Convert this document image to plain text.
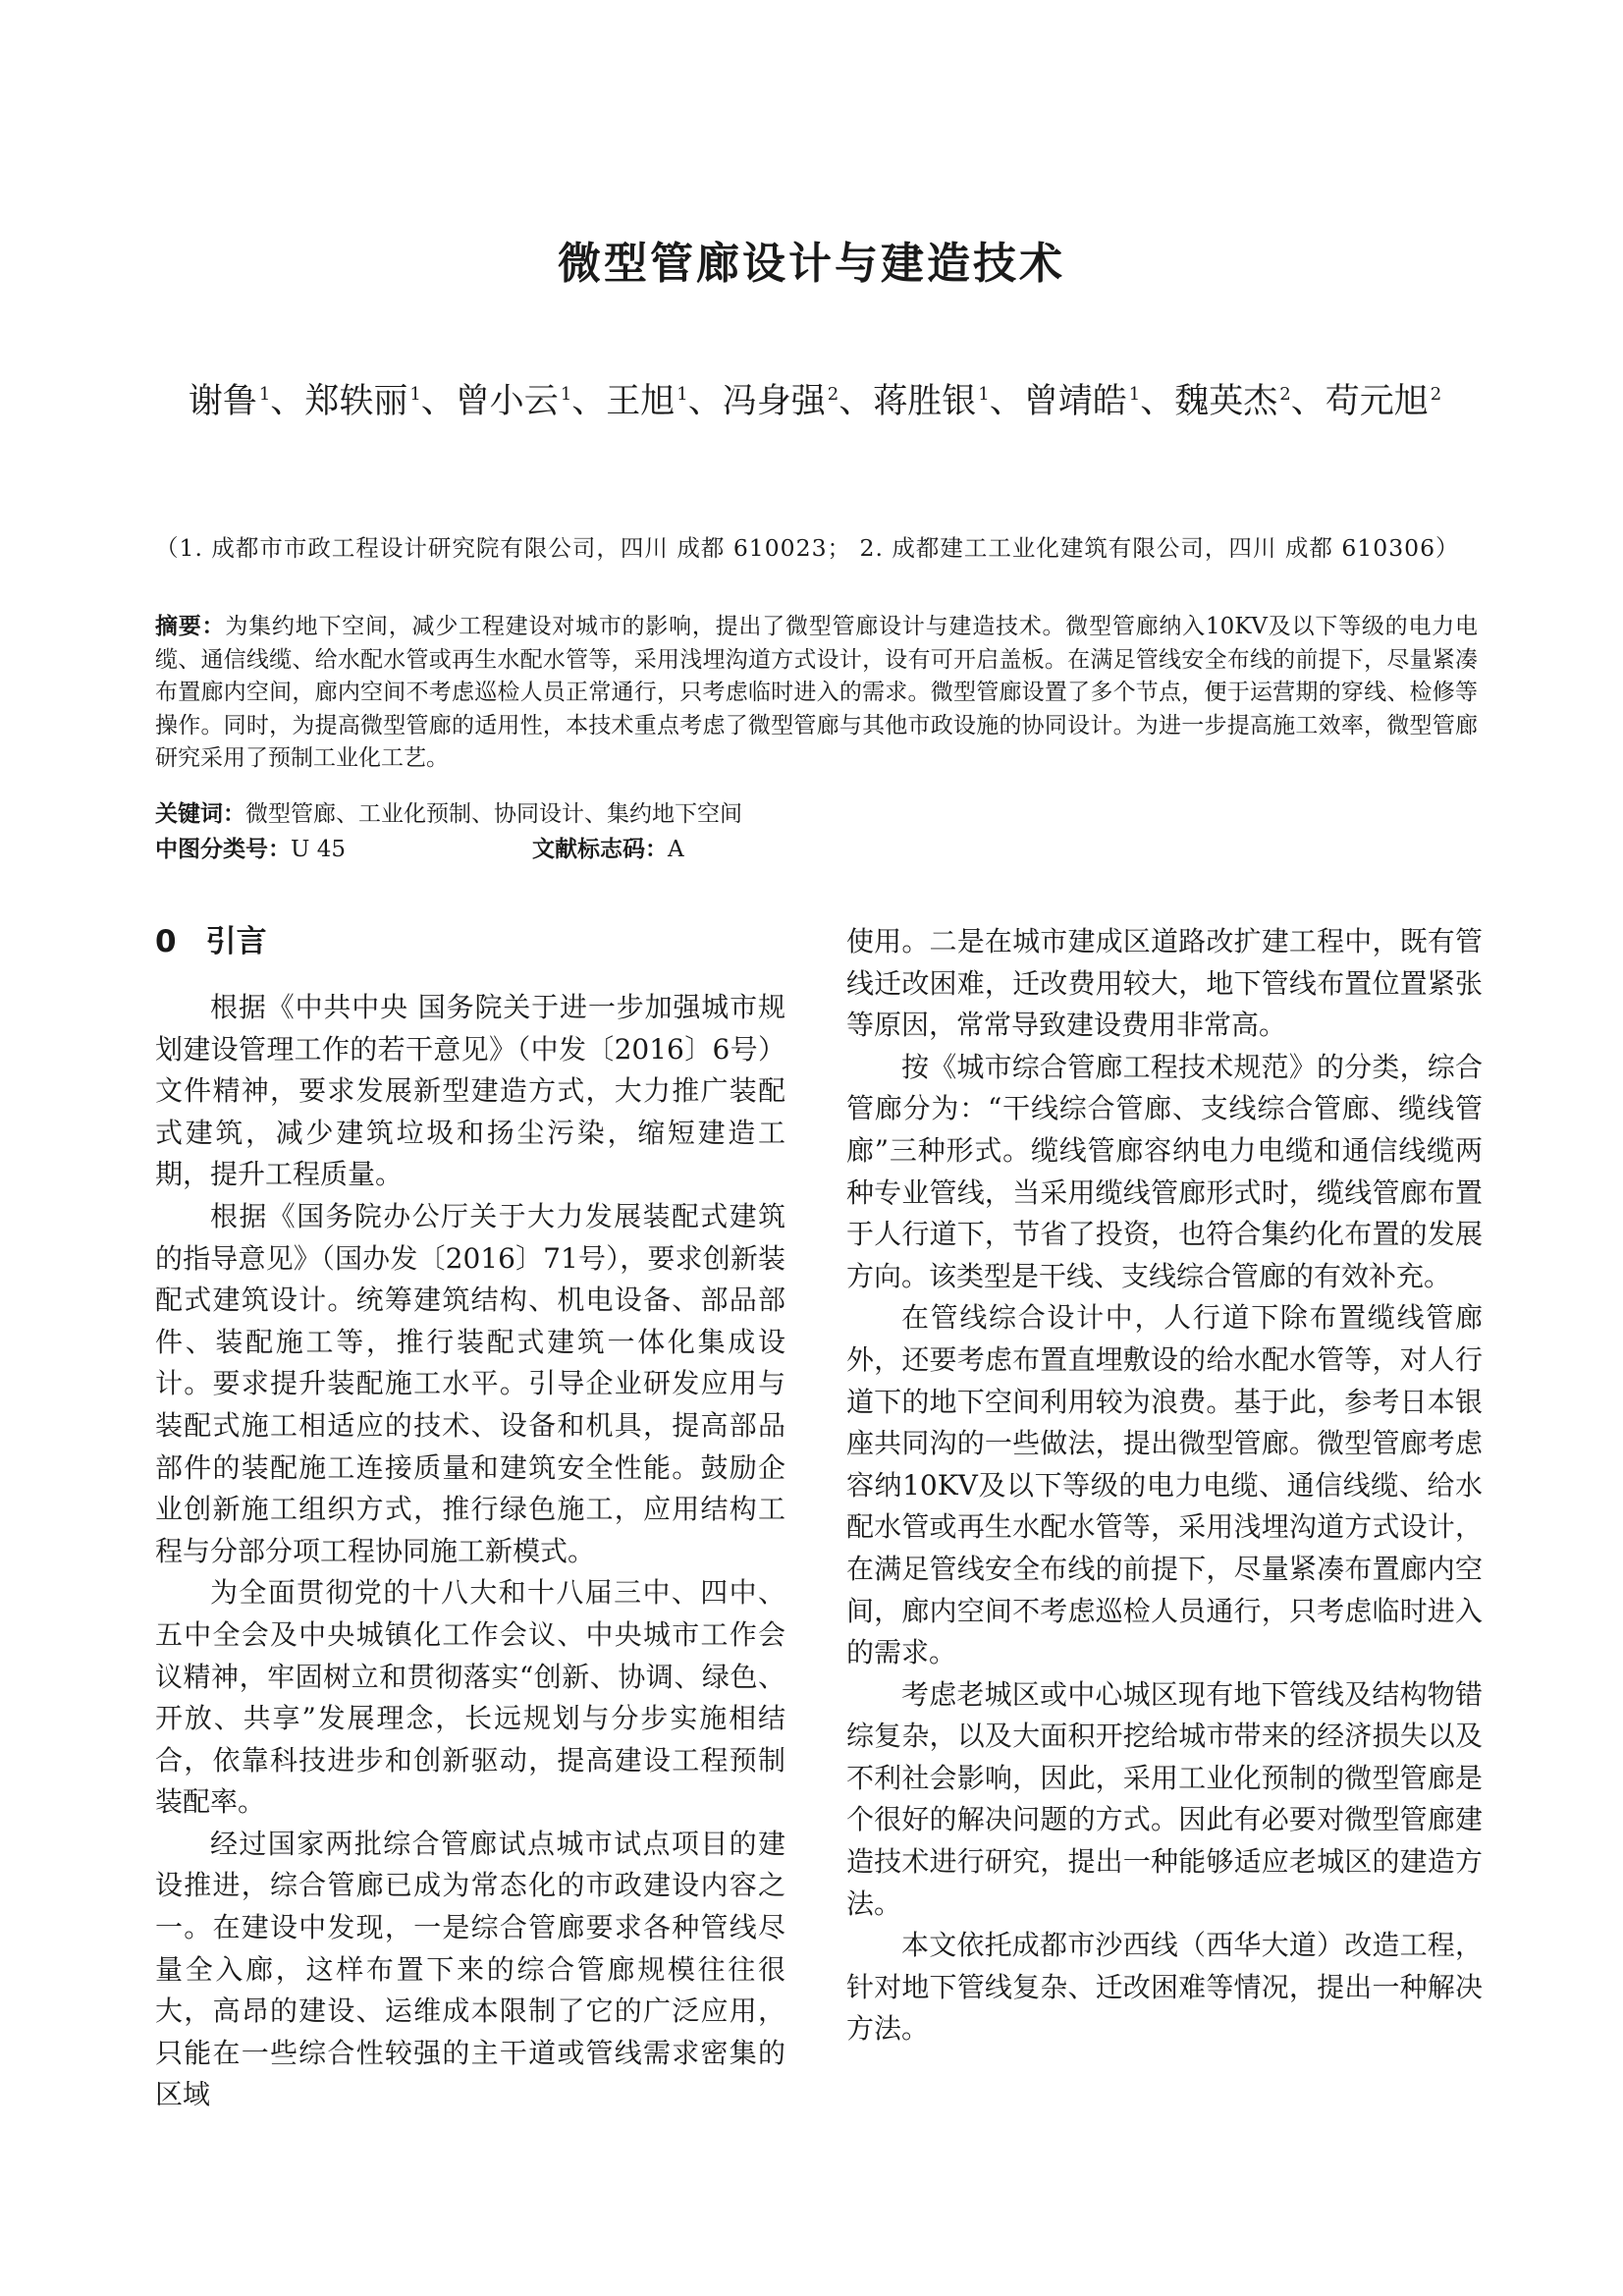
微型管廊设计与建造技术

谢鲁 $^1$、郑轶丽 $^1$、曾小云 $^1$、王旭 $^1$、冯身强 $^2$、蒋胜银 $^1$、曾靖皓 $^1$、魏英杰 $^2$、苟元旭 $^2$

（1. 成都市市政工程设计研究院有限公司，四川 成都 610023； 2. 成都建工工业化建筑有限公司，四川 成都 610306）

摘要：为集约地下空间，减少工程建设对城市的影响，提出了微型管廊设计与建造技术。微型管廊纳入10KV及以下等级的电力电缆、通信线缆、给水配水管或再生水配水管等，采用浅埋沟道方式设计，设有可开启盖板。在满足管线安全布线的前提下，尽量紧凑布置廊内空间，廊内空间不考虑巡检人员正常通行，只考虑临时进入的需求。微型管廊设置了多个节点，便于运营期的穿线、检修等操作。同时，为提高微型管廊的适用性，本技术重点考虑了微型管廊与其他市政设施的协同设计。为进一步提高施工效率，微型管廊研究采用了预制工业化工艺。

关键词：微型管廊、工业化预制、协同设计、集约地下空间

中图分类号：U 45	文献标志码：A

0 引言

根据《中共中央 国务院关于进一步加强城市规划建设管理工作的若干意见》（中发〔2016〕6号）文件精神，要求发展新型建造方式，大力推广装配式建筑，减少建筑垃圾和扬尘污染，缩短建造工期，提升工程质量。

根据《国务院办公厅关于大力发展装配式建筑的指导意见》（国办发〔2016〕71号），要求创新装配式建筑设计。统筹建筑结构、机电设备、部品部件、装配施工等，推行装配式建筑一体化集成设计。要求提升装配施工水平。引导企业研发应用与装配式施工相适应的技术、设备和机具，提高部品部件的装配施工连接质量和建筑安全性能。鼓励企业创新施工组织方式，推行绿色施工，应用结构工程与分部分项工程协同施工新模式。

为全面贯彻党的十八大和十八届三中、四中、五中全会及中央城镇化工作会议、中央城市工作会议精神，牢固树立和贯彻落实“创新、协调、绿色、开放、共享”发展理念，长远规划与分步实施相结合，依靠科技进步和创新驱动，提高建设工程预制装配率。

经过国家两批综合管廊试点城市试点项目的建设推进，综合管廊已成为常态化的市政建设内容之一。在建设中发现，一是综合管廊要求各种管线尽量全入廊，这样布置下来的综合管廊规模往往很大，高昂的建设、运维成本限制了它的广泛应用，只能在一些综合性较强的主干道或管线需求密集的区域

使用。二是在城市建成区道路改扩建工程中，既有管线迁改困难，迁改费用较大，地下管线布置位置紧张等原因，常常导致建设费用非常高。

按《城市综合管廊工程技术规范》的分类，综合管廊分为：“干线综合管廊、支线综合管廊、缆线管廊”三种形式。缆线管廊容纳电力电缆和通信线缆两种专业管线，当采用缆线管廊形式时，缆线管廊布置于人行道下，节省了投资，也符合集约化布置的发展方向。该类型是干线、支线综合管廊的有效补充。

在管线综合设计中，人行道下除布置缆线管廊外，还要考虑布置直埋敷设的给水配水管等，对人行道下的地下空间利用较为浪费。基于此，参考日本银座共同沟的一些做法，提出微型管廊。微型管廊考虑容纳10KV及以下等级的电力电缆、通信线缆、给水配水管或再生水配水管等，采用浅埋沟道方式设计，在满足管线安全布线的前提下，尽量紧凑布置廊内空间，廊内空间不考虑巡检人员通行，只考虑临时进入的需求。

考虑老城区或中心城区现有地下管线及结构物错综复杂，以及大面积开挖给城市带来的经济损失以及不利社会影响，因此，采用工业化预制的微型管廊是个很好的解决问题的方式。因此有必要对微型管廊建造技术进行研究，提出一种能够适应老城区的建造方法。

本文依托成都市沙西线（西华大道）改造工程，针对地下管线复杂、迁改困难等情况，提出一种解决方法。
